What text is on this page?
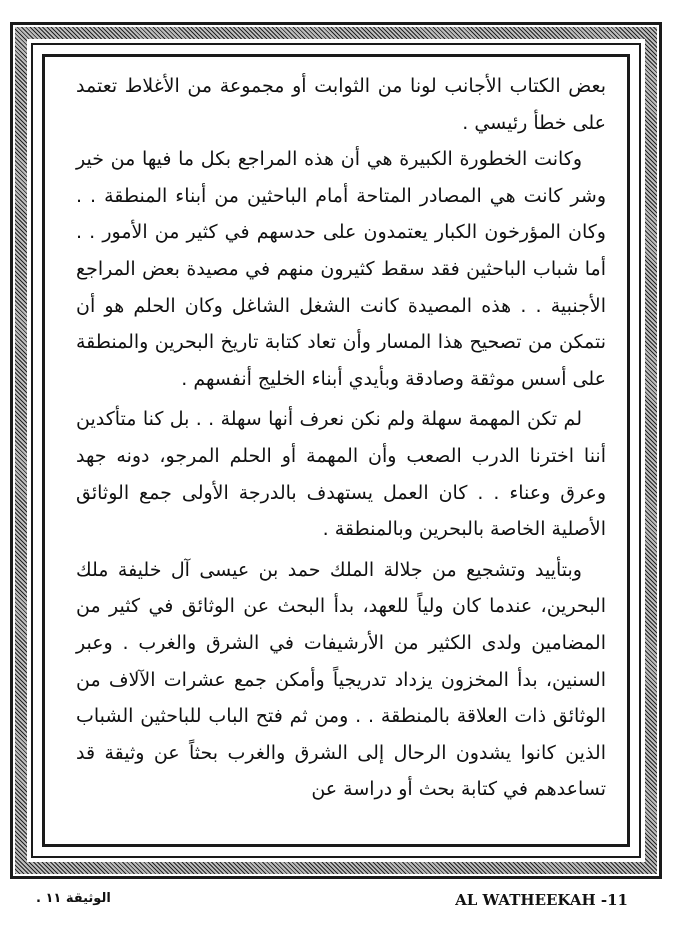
بعض الكتاب الأجانب لونا من الثوابت أو مجموعة من الأغلاط تعتمد على خطأ رئيسي .

وكانت الخطورة الكبيرة هي أن هذه المراجع بكل ما فيها من خير وشر كانت هي المصادر المتاحة أمام الباحثين من أبناء المنطقة . . وكان المؤرخون الكبار يعتمدون على حدسهم في كثير من الأمور . . أما شباب الباحثين فقد سقط كثيرون منهم في مصيدة بعض المراجع الأجنبية . . هذه المصيدة كانت الشغل الشاغل وكان الحلم هو أن نتمكن من تصحيح هذا المسار وأن تعاد كتابة تاريخ البحرين والمنطقة على أسس موثقة وصادقة وبأيدي أبناء الخليج أنفسهم .

لم تكن المهمة سهلة ولم نكن نعرف أنها سهلة . . بل كنا متأكدين أننا اخترنا الدرب الصعب وأن المهمة أو الحلم المرجو، دونه جهد وعرق وعناء . . كان العمل يستهدف بالدرجة الأولى جمع الوثائق الأصلية الخاصة بالبحرين وبالمنطقة .

وبتأييد وتشجيع من جلالة الملك حمد بن عيسى آل خليفة ملك البحرين، عندما كان ولياً للعهد، بدأ البحث عن الوثائق في كثير من المضامين ولدى الكثير من الأرشيفات في الشرق والغرب . وعبر السنين، بدأ المخزون يزداد تدريجياً وأمكن جمع عشرات الآلاف من الوثائق ذات العلاقة بالمنطقة . . ومن ثم فتح الباب للباحثين الشباب الذين كانوا يشدون الرحال إلى الشرق والغرب بحثاً عن وثيقة قد تساعدهم في كتابة بحث أو دراسة عن

AL WATHEEKAH -11
الوثيقة ١١ .
